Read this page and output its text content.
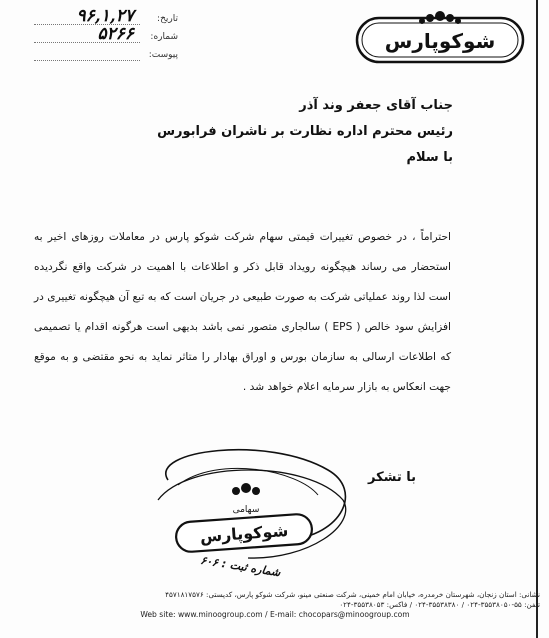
تاریخ:
۹۶,۱,۲۷
شماره:
۵۲۶۶
پیوست:
شوکوپارس
جناب آقای جعفر وند آذر
رئیس محترم اداره نظارت بر ناشران فرابورس
با سلام
احتراماً ، در خصوص تغییرات قیمتی سهام شرکت شوکو پارس در معاملات روزهای اخیر به استحضار می رساند هیچگونه رویداد قابل ذکر و اطلاعات با اهمیت در شرکت واقع نگردیده است لذا روند عملیاتی شرکت به صورت طبیعی در جریان است که به تبع آن هیچگونه تغییری در افزایش سود خالص ( EPS ) سالجاری متصور نمی باشد بدیهی است هرگونه اقدام یا تصمیمی که اطلاعات ارسالی به سازمان بورس و اوراق بهادار را متاثر نماید به نحو مقتضی و به موقع جهت انعکاس به بازار سرمایه اعلام خواهد شد .
با تشکر
سهامی
شوکوپارس
شماره ثبت : ۶۰۶
نشانی: استان زنجان، شهرستان خرمدره، خیابان امام خمینی، شرکت صنعتی مینو، شرکت شوکو پارس، کدپستی: ۴۵۷۱۸۱۷۵۷۶
تلفن: ۵۵-۳۵۵۳۸۰۵۰-۰۲۴ / ۳۵۵۳۸۳۸۰-۰۲۴ / فاکس: ۳۵۵۳۸۰۵۳-۰۲۴
Web site: www.minoogroup.com / E-mail: chocopars@minoogroup.com
